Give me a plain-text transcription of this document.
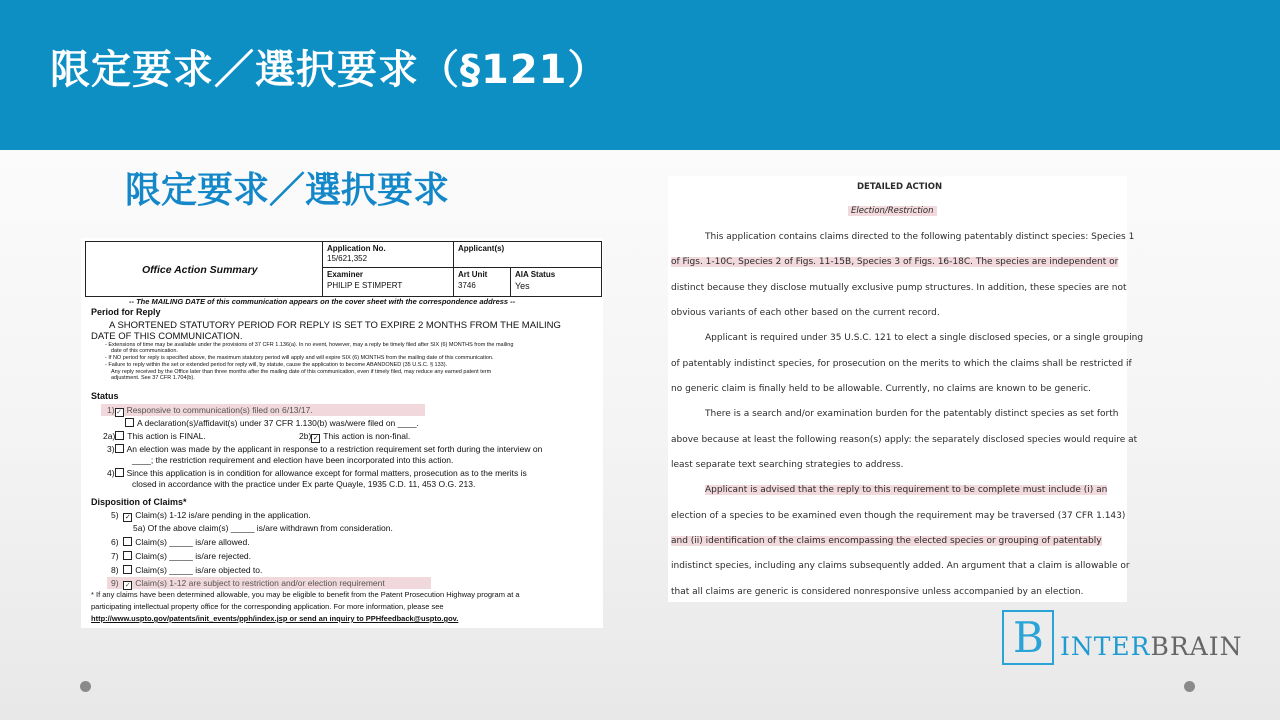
限定要求／選択要求（§121）
限定要求／選択要求
Application No.
15/621,352
Applicant(s)
Examiner
PHILIP E STIMPERT
Art Unit
3746
AIA Status
Yes
Office Action Summary
-- The MAILING DATE of this communication appears on the cover sheet with the correspondence address --
Period for Reply
A SHORTENED STATUTORY PERIOD FOR REPLY IS SET TO EXPIRE 2 MONTHS FROM THE MAILING
DATE OF THIS COMMUNICATION.
- Extensions of time may be available under the provisions of 37 CFR 1.136(a). In no event, however, may a reply be timely filed after SIX (6) MONTHS from the mailing
date of this communication.
- If NO period for reply is specified above, the maximum statutory period will apply and will expire SIX (6) MONTHS from the mailing date of this communication.
- Failure to reply within the set or extended period for reply will, by statute, cause the application to become ABANDONED (35 U.S.C. § 133).
Any reply received by the Office later than three months after the mailing date of this communication, even if timely filed, may reduce any earned patent term
adjustment. See 37 CFR 1.704(b).
Status
1) ✓ Responsive to communication(s) filed on 6/13/17.
A declaration(s)/affidavit(s) under 37 CFR 1.130(b) was/were filed on ____.
2a) This action is FINAL.	2b) ✓ This action is non-final.
3) An election was made by the applicant in response to a restriction requirement set forth during the interview on
____; the restriction requirement and election have been incorporated into this action.
4) Since this application is in condition for allowance except for formal matters, prosecution as to the merits is
closed in accordance with the practice under Ex parte Quayle, 1935 C.D. 11, 453 O.G. 213.
Disposition of Claims*
5)  ✓ Claim(s) 1-12 is/are pending in the application.
5a) Of the above claim(s) _____ is/are withdrawn from consideration.
6)  Claim(s) _____ is/are allowed.
7)  Claim(s) _____ is/are rejected.
8)  Claim(s) _____ is/are objected to.
9)  ✓ Claim(s) 1-12 are subject to restriction and/or election requirement
* If any claims have been determined allowable, you may be eligible to benefit from the Patent Prosecution Highway program at a
participating intellectual property office for the corresponding application. For more information, please see
http://www.uspto.gov/patents/init_events/pph/index.jsp or send an inquiry to PPHfeedback@uspto.gov.
DETAILED ACTION
Election/Restriction
This application contains claims directed to the following patentably distinct species: Species 1
of Figs. 1-10C, Species 2 of Figs. 11-15B, Species 3 of Figs. 16-18C. The species are independent or
distinct because they disclose mutually exclusive pump structures. In addition, these species are not
obvious variants of each other based on the current record.
Applicant is required under 35 U.S.C. 121 to elect a single disclosed species, or a single grouping
of patentably indistinct species, for prosecution on the merits to which the claims shall be restricted if
no generic claim is finally held to be allowable. Currently, no claims are known to be generic.
There is a search and/or examination burden for the patentably distinct species as set forth
above because at least the following reason(s) apply: the separately disclosed species would require at
least separate text searching strategies to address.
Applicant is advised that the reply to this requirement to be complete must include (i) an
election of a species to be examined even though the requirement may be traversed (37 CFR 1.143)
and (ii) identification of the claims encompassing the elected species or grouping of patentably
indistinct species, including any claims subsequently added. An argument that a claim is allowable or
that all claims are generic is considered nonresponsive unless accompanied by an election.
B INTERBRAIN
